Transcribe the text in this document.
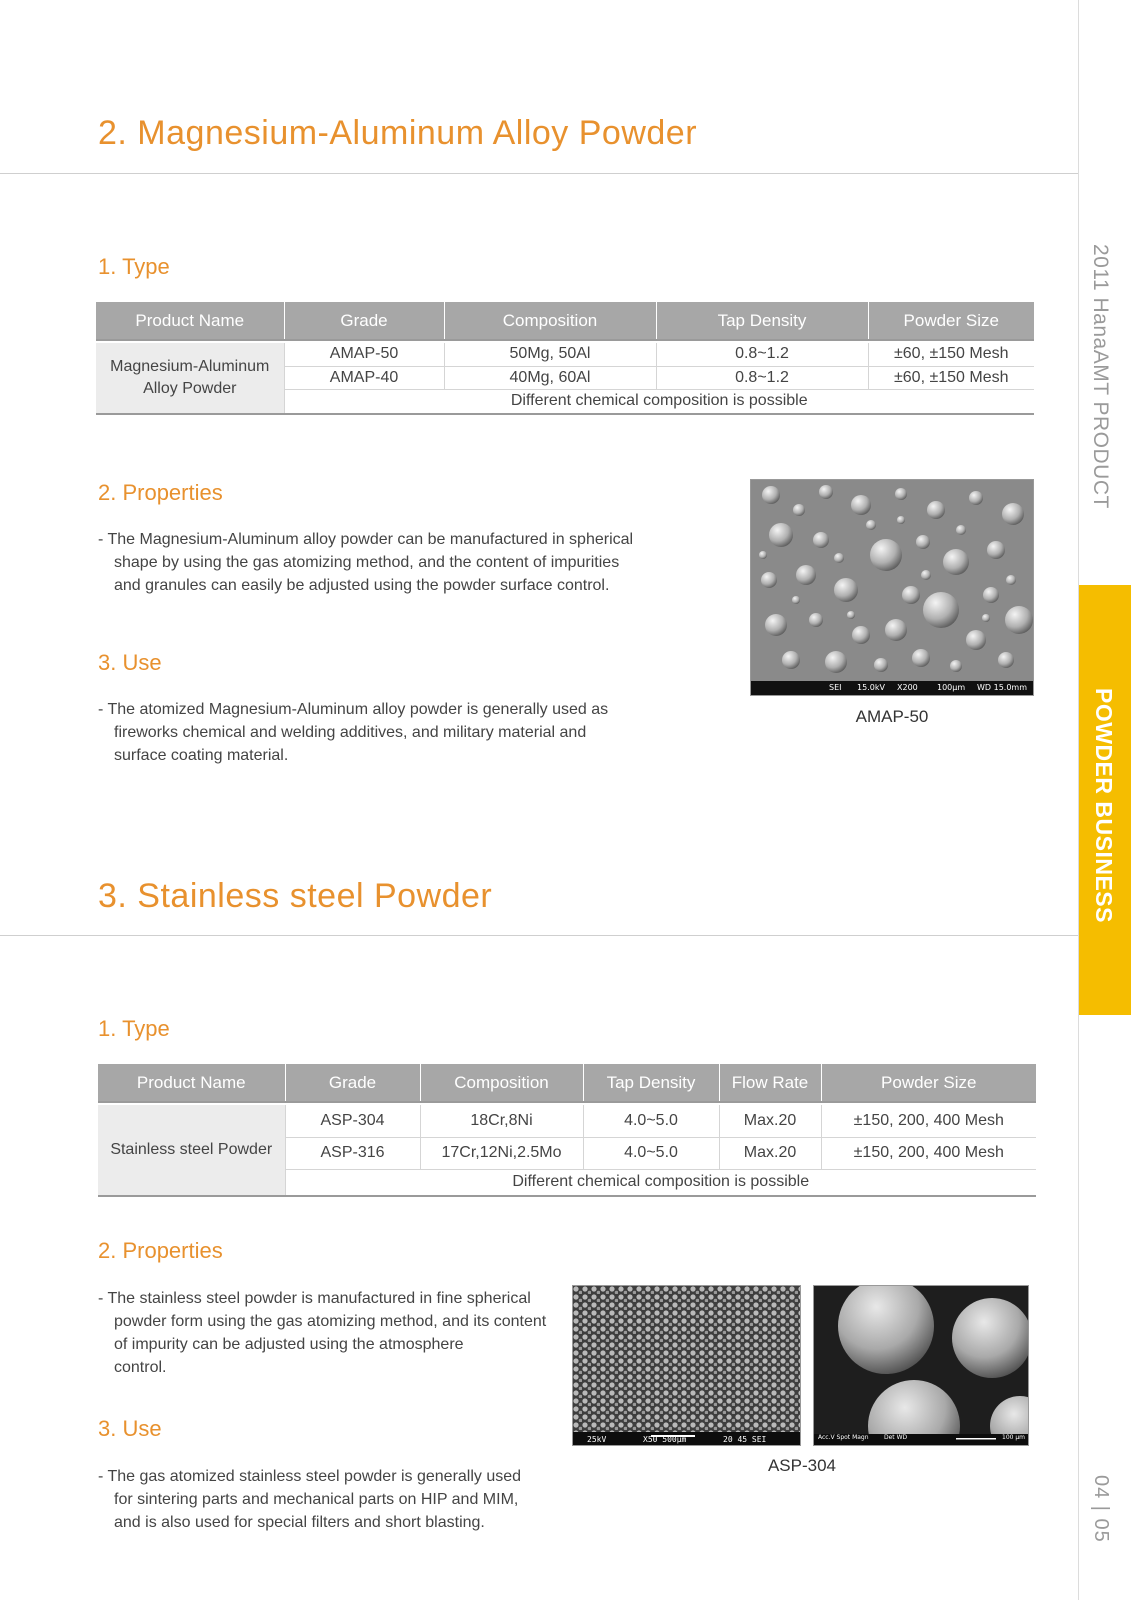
2. Magnesium-Aluminum Alloy Powder
1. Type
Product Name	Grade	Composition	Tap Density	Powder Size

Magnesium-Aluminum
Alloy Powder	AMAP-50	50Mg, 50Al	0.8~1.2	±60, ±150 Mesh
	AMAP-40	40Mg, 60Al	0.8~1.2	±60, ±150 Mesh
	Different chemical composition is possible			
2. Properties
- The Magnesium-Aluminum alloy powder can be manufactured in spherical
shape by using the gas atomizing method, and the content of impurities
and granules can easily be adjusted using the powder surface control.
3. Use
- The atomized Magnesium-Aluminum alloy powder is generally used as
fireworks chemical and welding additives, and military material and
surface coating material.
SEI 15.0kV X200 100μm WD 15.0mm
AMAP-50
3. Stainless steel Powder
1. Type
Product Name	Grade	Composition	Tap Density	Flow Rate	Powder Size

Stainless steel Powder	ASP-304	18Cr,8Ni	4.0~5.0	Max.20	±150, 200, 400 Mesh
	ASP-316	17Cr,12Ni,2.5Mo	4.0~5.0	Max.20	±150, 200, 400 Mesh
	Different chemical composition is possible				
2. Properties
- The stainless steel powder is manufactured in fine spherical
powder form using the gas atomizing method, and its content
of impurity can be adjusted using the atmosphere
control.
3. Use
- The gas atomized stainless steel powder is generally used
for sintering parts and mechanical parts on HIP and MIM,
and is also used for special filters and short blasting.
25kV	X50 500μm	20 45 SEI	Acc.V Spot Magn	Det WD	100 μm
ASP-304
2011 HanaAMT PRODUCT
POWDER BUSINESS
04 | 05
